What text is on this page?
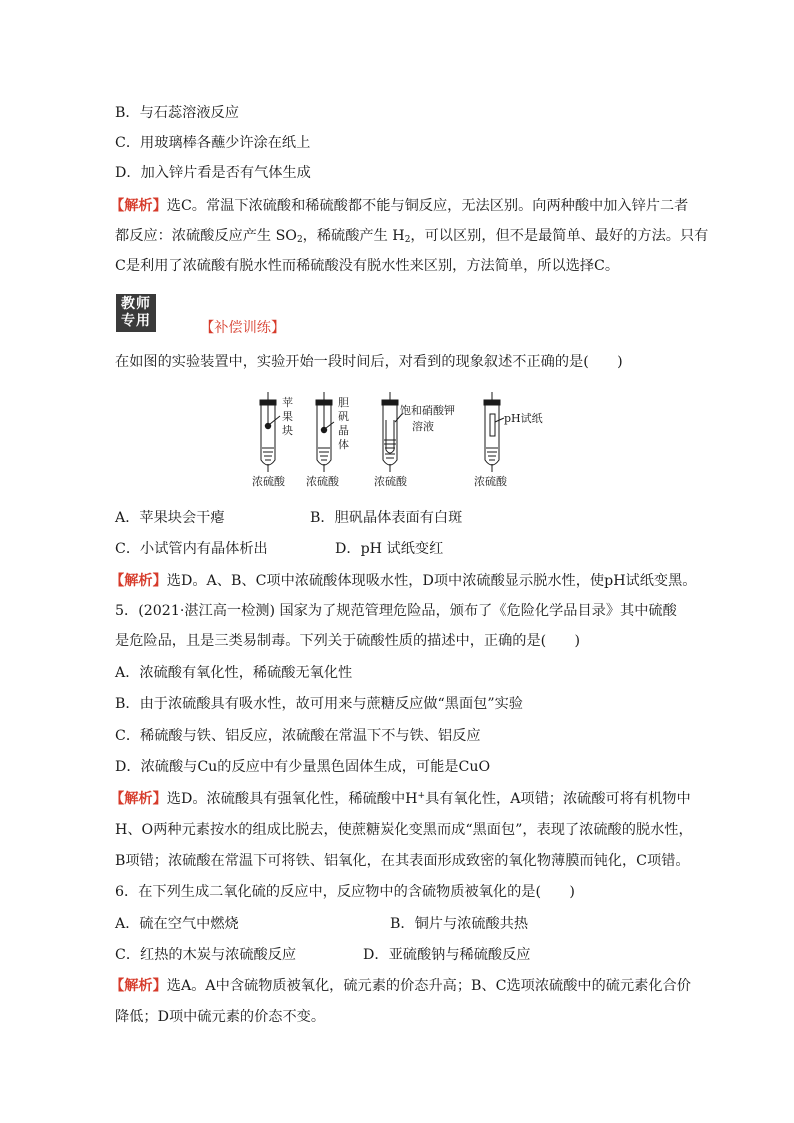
B．与石蕊溶液反应
C．用玻璃棒各蘸少许涂在纸上
D．加入锌片看是否有气体生成
【解析】选C。常温下浓硫酸和稀硫酸都不能与铜反应，无法区别。向两种酸中加入锌片二者
都反应：浓硫酸反应产生 $SO_2$，稀硫酸产生 $H_2$，可以区别，但不是最简单、最好的方法。只有
C是利用了浓硫酸有脱水性而稀硫酸没有脱水性来区别，方法简单，所以选择C。
教师
专用	【补偿训练】
在如图的实验装置中，实验开始一段时间后，对看到的现象叙述不正确的是(　　)
苹
果
块
胆
矾
晶
体
饱和硝酸钾
溶液
pH试纸
浓硫酸 浓硫酸	浓硫酸	浓硫酸
A．苹果块会干瘪	B．胆矾晶体表面有白斑
C．小试管内有晶体析出	D．pH 试纸变红
【解析】选D。A、B、C项中浓硫酸体现吸水性，D项中浓硫酸显示脱水性，使pH试纸变黑。
5．(2021·湛江高一检测) 国家为了规范管理危险品，颁布了《危险化学品目录》其中硫酸
是危险品，且是三类易制毒。下列关于硫酸性质的描述中，正确的是(　　)
A．浓硫酸有氧化性，稀硫酸无氧化性
B．由于浓硫酸具有吸水性，故可用来与蔗糖反应做“黑面包”实验
C．稀硫酸与铁、铝反应，浓硫酸在常温下不与铁、铝反应
D．浓硫酸与Cu的反应中有少量黑色固体生成，可能是CuO
【解析】选D。浓硫酸具有强氧化性，稀硫酸中H+具有氧化性，A项错；浓硫酸可将有机物中
H、O两种元素按水的组成比脱去，使蔗糖炭化变黑而成“黑面包”，表现了浓硫酸的脱水性，
B项错；浓硫酸在常温下可将铁、铝氧化，在其表面形成致密的氧化物薄膜而钝化，C项错。
6．在下列生成二氧化硫的反应中，反应物中的含硫物质被氧化的是(　　)
A．硫在空气中燃烧	B．铜片与浓硫酸共热
C．红热的木炭与浓硫酸反应	D．亚硫酸钠与稀硫酸反应
【解析】选A。A中含硫物质被氧化，硫元素的价态升高；B、C选项浓硫酸中的硫元素化合价
降低；D项中硫元素的价态不变。
